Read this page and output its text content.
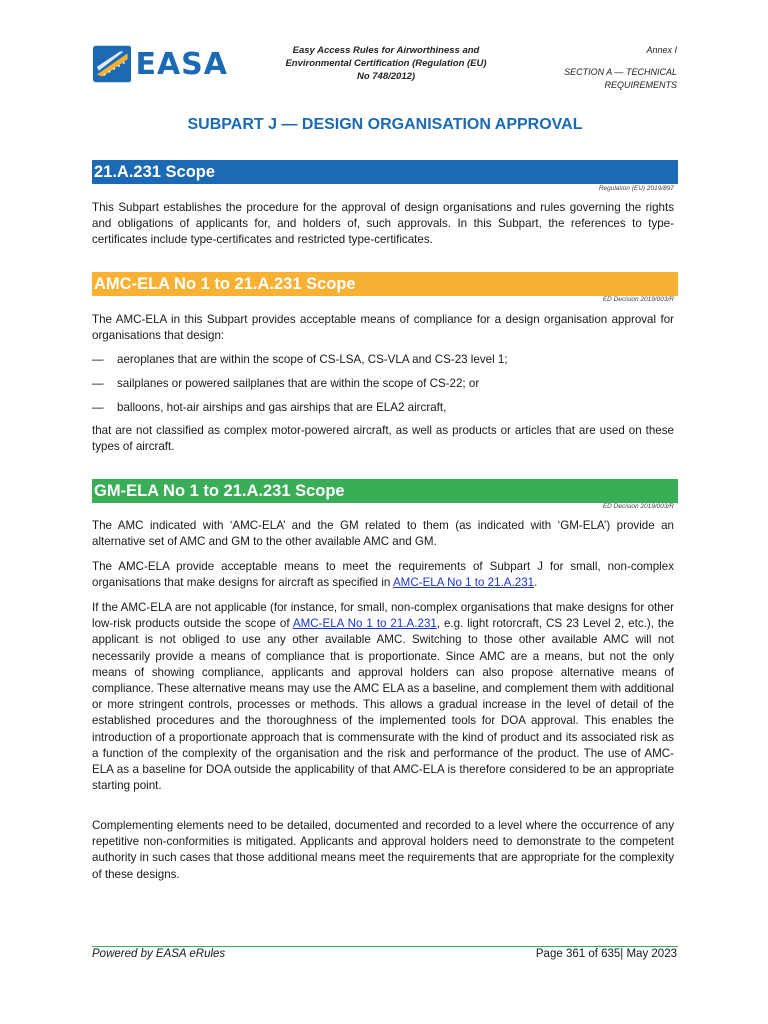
EASA	Easy Access Rules for Airworthiness and
Environmental Certification (Regulation (EU)
No 748/2012)
Annex I
SECTION A — TECHNICAL
REQUIREMENTS
SUBPART J — DESIGN ORGANISATION APPROVAL
21.A.231 Scope
Regulation (EU) 2019/897
This Subpart establishes the procedure for the approval of design organisations and rules governing the rights and obligations of applicants for, and holders of, such approvals. In this Subpart, the references to type-certificates include type-certificates and restricted type-certificates.
AMC-ELA No 1 to 21.A.231 Scope
ED Decision 2019/003/R
The AMC-ELA in this Subpart provides acceptable means of compliance for a design organisation approval for organisations that design:
— aeroplanes that are within the scope of CS-LSA, CS-VLA and CS-23 level 1;
— sailplanes or powered sailplanes that are within the scope of CS-22; or
— balloons, hot-air airships and gas airships that are ELA2 aircraft,
that are not classified as complex motor-powered aircraft, as well as products or articles that are used on these types of aircraft.
GM-ELA No 1 to 21.A.231 Scope
ED Decision 2019/003/R
The AMC indicated with ‘AMC-ELA’ and the GM related to them (as indicated with ‘GM-ELA’) provide an alternative set of AMC and GM to the other available AMC and GM.
The AMC-ELA provide acceptable means to meet the requirements of Subpart J for small, non-complex organisations that make designs for aircraft as specified in AMC-ELA No 1 to 21.A.231.
If the AMC-ELA are not applicable (for instance, for small, non-complex organisations that make designs for other low-risk products outside the scope of AMC-ELA No 1 to 21.A.231, e.g. light rotorcraft, CS 23 Level 2, etc.), the applicant is not obliged to use any other available AMC. Switching to those other available AMC will not necessarily provide a means of compliance that is proportionate. Since AMC are a means, but not the only means of showing compliance, applicants and approval holders can also propose alternative means of compliance. These alternative means may use the AMC ELA as a baseline, and complement them with additional or more stringent controls, processes or methods. This allows a gradual increase in the level of detail of the established procedures and the thoroughness of the implemented tools for DOA approval. This enables the introduction of a proportionate approach that is commensurate with the kind of product and its associated risk as a function of the complexity of the organisation and the risk and performance of the product. The use of AMC-ELA as a baseline for DOA outside the applicability of that AMC-ELA is therefore considered to be an appropriate starting point.
Complementing elements need to be detailed, documented and recorded to a level where the occurrence of any repetitive non-conformities is mitigated. Applicants and approval holders need to demonstrate to the competent authority in such cases that those additional means meet the requirements that are appropriate for the complexity of these designs.
Powered by EASA eRules	Page 361 of 635| May 2023
